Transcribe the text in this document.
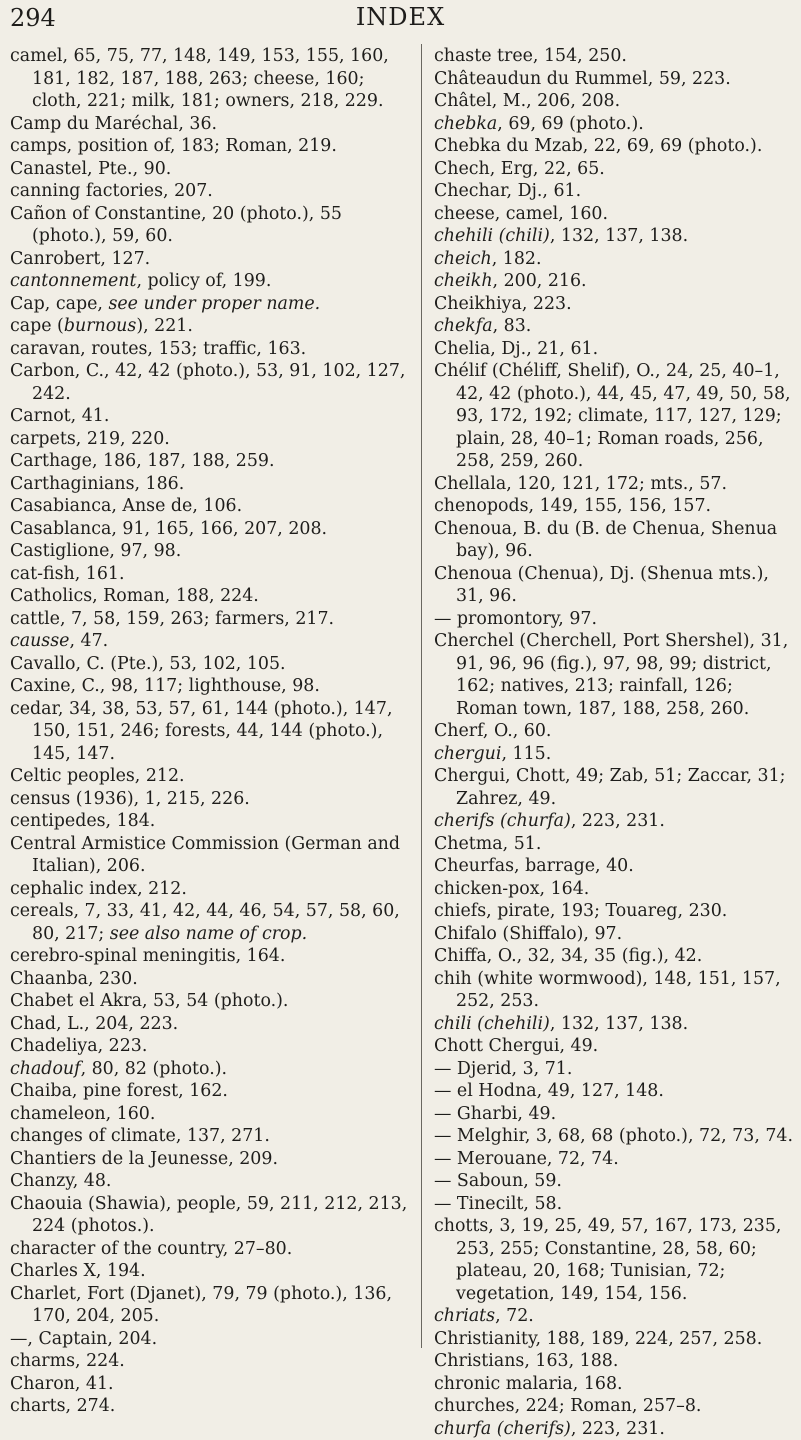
294	INDEX

camel, 65, 75, 77, 148, 149, 153, 155, 160, 181, 182, 187, 188, 263; cheese, 160; cloth, 221; milk, 181; owners, 218, 229.

Camp du Maréchal, 36.

camps, position of, 183; Roman, 219.

Canastel, Pte., 90.

canning factories, 207.

Cañon of Constantine, 20 (photo.), 55 (photo.), 59, 60.

Canrobert, 127.

cantonnement, policy of, 199.

Cap, cape, see under proper name.

cape (burnous), 221.

caravan, routes, 153; traffic, 163.

Carbon, C., 42, 42 (photo.), 53, 91, 102, 127, 242.

Carnot, 41.

carpets, 219, 220.

Carthage, 186, 187, 188, 259.

Carthaginians, 186.

Casabianca, Anse de, 106.

Casablanca, 91, 165, 166, 207, 208.

Castiglione, 97, 98.

cat-fish, 161.

Catholics, Roman, 188, 224.

cattle, 7, 58, 159, 263; farmers, 217.

causse, 47.

Cavallo, C. (Pte.), 53, 102, 105.

Caxine, C., 98, 117; lighthouse, 98.

cedar, 34, 38, 53, 57, 61, 144 (photo.), 147, 150, 151, 246; forests, 44, 144 (photo.), 145, 147.

Celtic peoples, 212.

census (1936), 1, 215, 226.

centipedes, 184.

Central Armistice Commission (German and Italian), 206.

cephalic index, 212.

cereals, 7, 33, 41, 42, 44, 46, 54, 57, 58, 60, 80, 217; see also name of crop.

cerebro-spinal meningitis, 164.

Chaanba, 230.

Chabet el Akra, 53, 54 (photo.).

Chad, L., 204, 223.

Chadeliya, 223.

chadouf, 80, 82 (photo.).

Chaiba, pine forest, 162.

chameleon, 160.

changes of climate, 137, 271.

Chantiers de la Jeunesse, 209.

Chanzy, 48.

Chaouia (Shawia), people, 59, 211, 212, 213, 224 (photos.).

character of the country, 27–80.

Charles X, 194.

Charlet, Fort (Djanet), 79, 79 (photo.), 136, 170, 204, 205.

—, Captain, 204.

charms, 224.

Charon, 41.

charts, 274.

chaste tree, 154, 250.

Châteaudun du Rummel, 59, 223.

Châtel, M., 206, 208.

chebka, 69, 69 (photo.).

Chebka du Mzab, 22, 69, 69 (photo.).

Chech, Erg, 22, 65.

Chechar, Dj., 61.

cheese, camel, 160.

chehili (chili), 132, 137, 138.

cheich, 182.

cheikh, 200, 216.

Cheikhiya, 223.

chekfa, 83.

Chelia, Dj., 21, 61.

Chélif (Chéliff, Shelif), O., 24, 25, 40–1, 42, 42 (photo.), 44, 45, 47, 49, 50, 58, 93, 172, 192; climate, 117, 127, 129; plain, 28, 40–1; Roman roads, 256, 258, 259, 260.

Chellala, 120, 121, 172; mts., 57.

chenopods, 149, 155, 156, 157.

Chenoua, B. du (B. de Chenua, Shenua bay), 96.

Chenoua (Chenua), Dj. (Shenua mts.), 31, 96.

— promontory, 97.

Cherchel (Cherchell, Port Shershel), 31, 91, 96, 96 (fig.), 97, 98, 99; district, 162; natives, 213; rainfall, 126; Roman town, 187, 188, 258, 260.

Cherf, O., 60.

chergui, 115.

Chergui, Chott, 49; Zab, 51; Zaccar, 31; Zahrez, 49.

cherifs (churfa), 223, 231.

Chetma, 51.

Cheurfas, barrage, 40.

chicken-pox, 164.

chiefs, pirate, 193; Touareg, 230.

Chifalo (Shiffalo), 97.

Chiffa, O., 32, 34, 35 (fig.), 42.

chih (white wormwood), 148, 151, 157, 252, 253.

chili (chehili), 132, 137, 138.

Chott Chergui, 49.

— Djerid, 3, 71.

— el Hodna, 49, 127, 148.

— Gharbi, 49.

— Melghir, 3, 68, 68 (photo.), 72, 73, 74.

— Merouane, 72, 74.

— Saboun, 59.

— Tinecilt, 58.

chotts, 3, 19, 25, 49, 57, 167, 173, 235, 253, 255; Constantine, 28, 58, 60; plateau, 20, 168; Tunisian, 72; vegetation, 149, 154, 156.

chriats, 72.

Christianity, 188, 189, 224, 257, 258.

Christians, 163, 188.

chronic malaria, 168.

churches, 224; Roman, 257–8.

churfa (cherifs), 223, 231.
